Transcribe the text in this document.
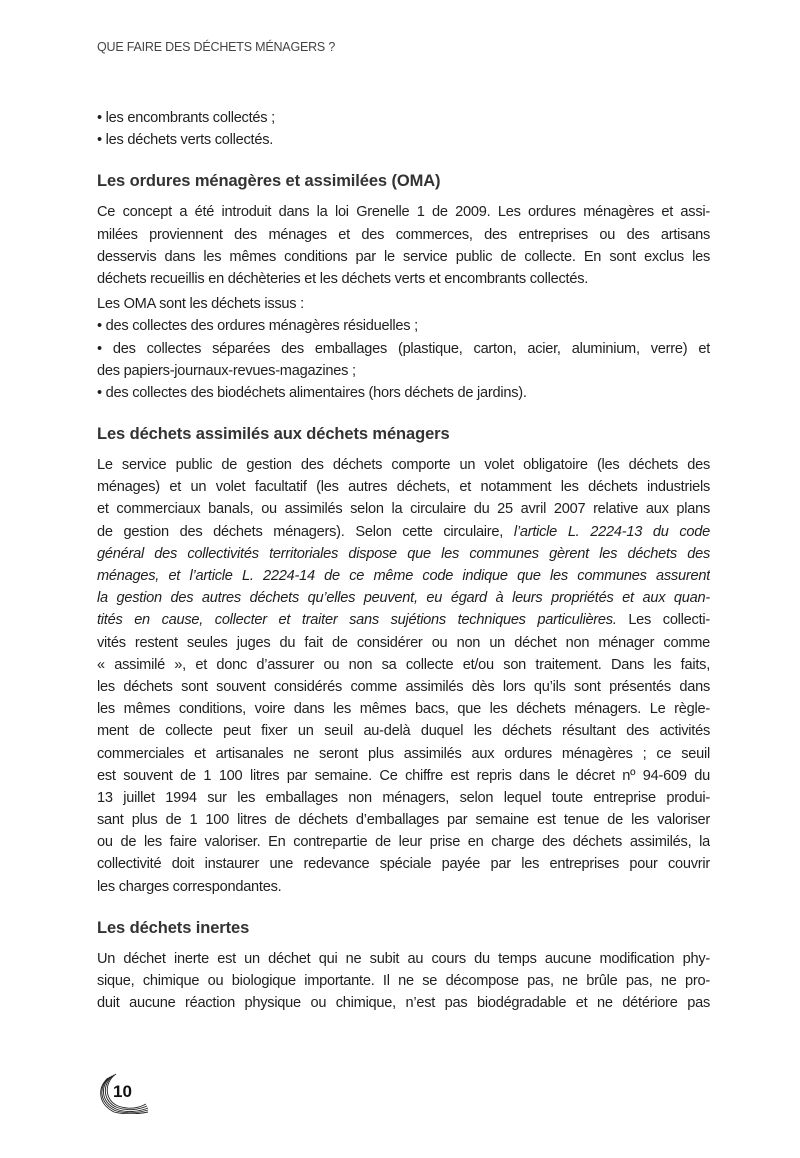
QUE FAIRE DES DÉCHETS MÉNAGERS ?
• les encombrants collectés ;
• les déchets verts collectés.
Les ordures ménagères et assimilées (OMA)
Ce concept a été introduit dans la loi Grenelle 1 de 2009. Les ordures ménagères et assi-
milées proviennent des ménages et des commerces, des entreprises ou des artisans
desservis dans les mêmes conditions par le service public de collecte. En sont exclus les
déchets recueillis en déchèteries et les déchets verts et encombrants collectés.
Les OMA sont les déchets issus :
• des collectes des ordures ménagères résiduelles ;
• des collectes séparées des emballages (plastique, carton, acier, aluminium, verre) et
des papiers-journaux-revues-magazines ;
• des collectes des biodéchets alimentaires (hors déchets de jardins).
Les déchets assimilés aux déchets ménagers
Le service public de gestion des déchets comporte un volet obligatoire (les déchets des
ménages) et un volet facultatif (les autres déchets, et notamment les déchets industriels
et commerciaux banals, ou assimilés selon la circulaire du 25 avril 2007 relative aux plans
de gestion des déchets ménagers). Selon cette circulaire, l’article L. 2224-13 du code
général des collectivités territoriales dispose que les communes gèrent les déchets des
ménages, et l’article L. 2224-14 de ce même code indique que les communes assurent
la gestion des autres déchets qu’elles peuvent, eu égard à leurs propriétés et aux quan-
tités en cause, collecter et traiter sans sujétions techniques particulières. Les collecti-
vités restent seules juges du fait de considérer ou non un déchet non ménager comme
« assimilé », et donc d’assurer ou non sa collecte et/ou son traitement. Dans les faits,
les déchets sont souvent considérés comme assimilés dès lors qu’ils sont présentés dans
les mêmes conditions, voire dans les mêmes bacs, que les déchets ménagers. Le règle-
ment de collecte peut fixer un seuil au-delà duquel les déchets résultant des activités
commerciales et artisanales ne seront plus assimilés aux ordures ménagères ; ce seuil
est souvent de 1 100 litres par semaine. Ce chiffre est repris dans le décret nº 94-609 du
13 juillet 1994 sur les emballages non ménagers, selon lequel toute entreprise produi-
sant plus de 1 100 litres de déchets d’emballages par semaine est tenue de les valoriser
ou de les faire valoriser. En contrepartie de leur prise en charge des déchets assimilés, la
collectivité doit instaurer une redevance spéciale payée par les entreprises pour couvrir
les charges correspondantes.
Les déchets inertes
Un déchet inerte est un déchet qui ne subit au cours du temps aucune modification phy-
sique, chimique ou biologique importante. Il ne se décompose pas, ne brûle pas, ne pro-
duit aucune réaction physique ou chimique, n’est pas biodégradable et ne détériore pas
10
